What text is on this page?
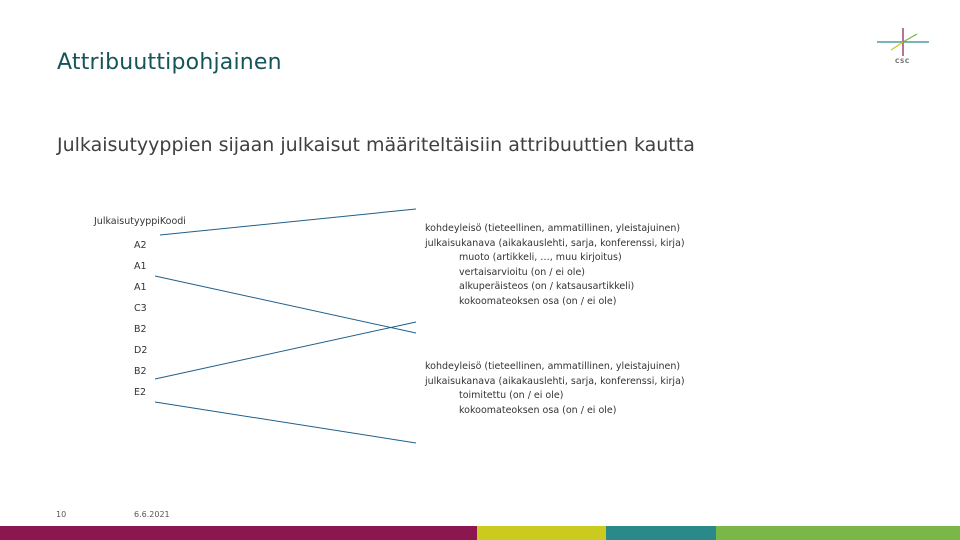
Attribuuttipohjainen	CSC
Julkaisutyyppien sijaan julkaisut määriteltäisiin attribuuttien kautta
JulkaisutyyppiKoodi
A2
A1
A1
C3
B2
D2
B2
E2
kohdeyleisö (tieteellinen, ammatillinen, yleistajuinen)
julkaisukanava (aikakauslehti, sarja, konferenssi, kirja)
muoto (artikkeli, …, muu kirjoitus)
vertaisarvioitu (on / ei ole)
alkuperäisteos (on / katsausartikkeli)
kokoomateoksen osa (on / ei ole)
kohdeyleisö (tieteellinen, ammatillinen, yleistajuinen)
julkaisukanava (aikakauslehti, sarja, konferenssi, kirja)
toimitettu (on / ei ole)
kokoomateoksen osa (on / ei ole)
10	6.6.2021
